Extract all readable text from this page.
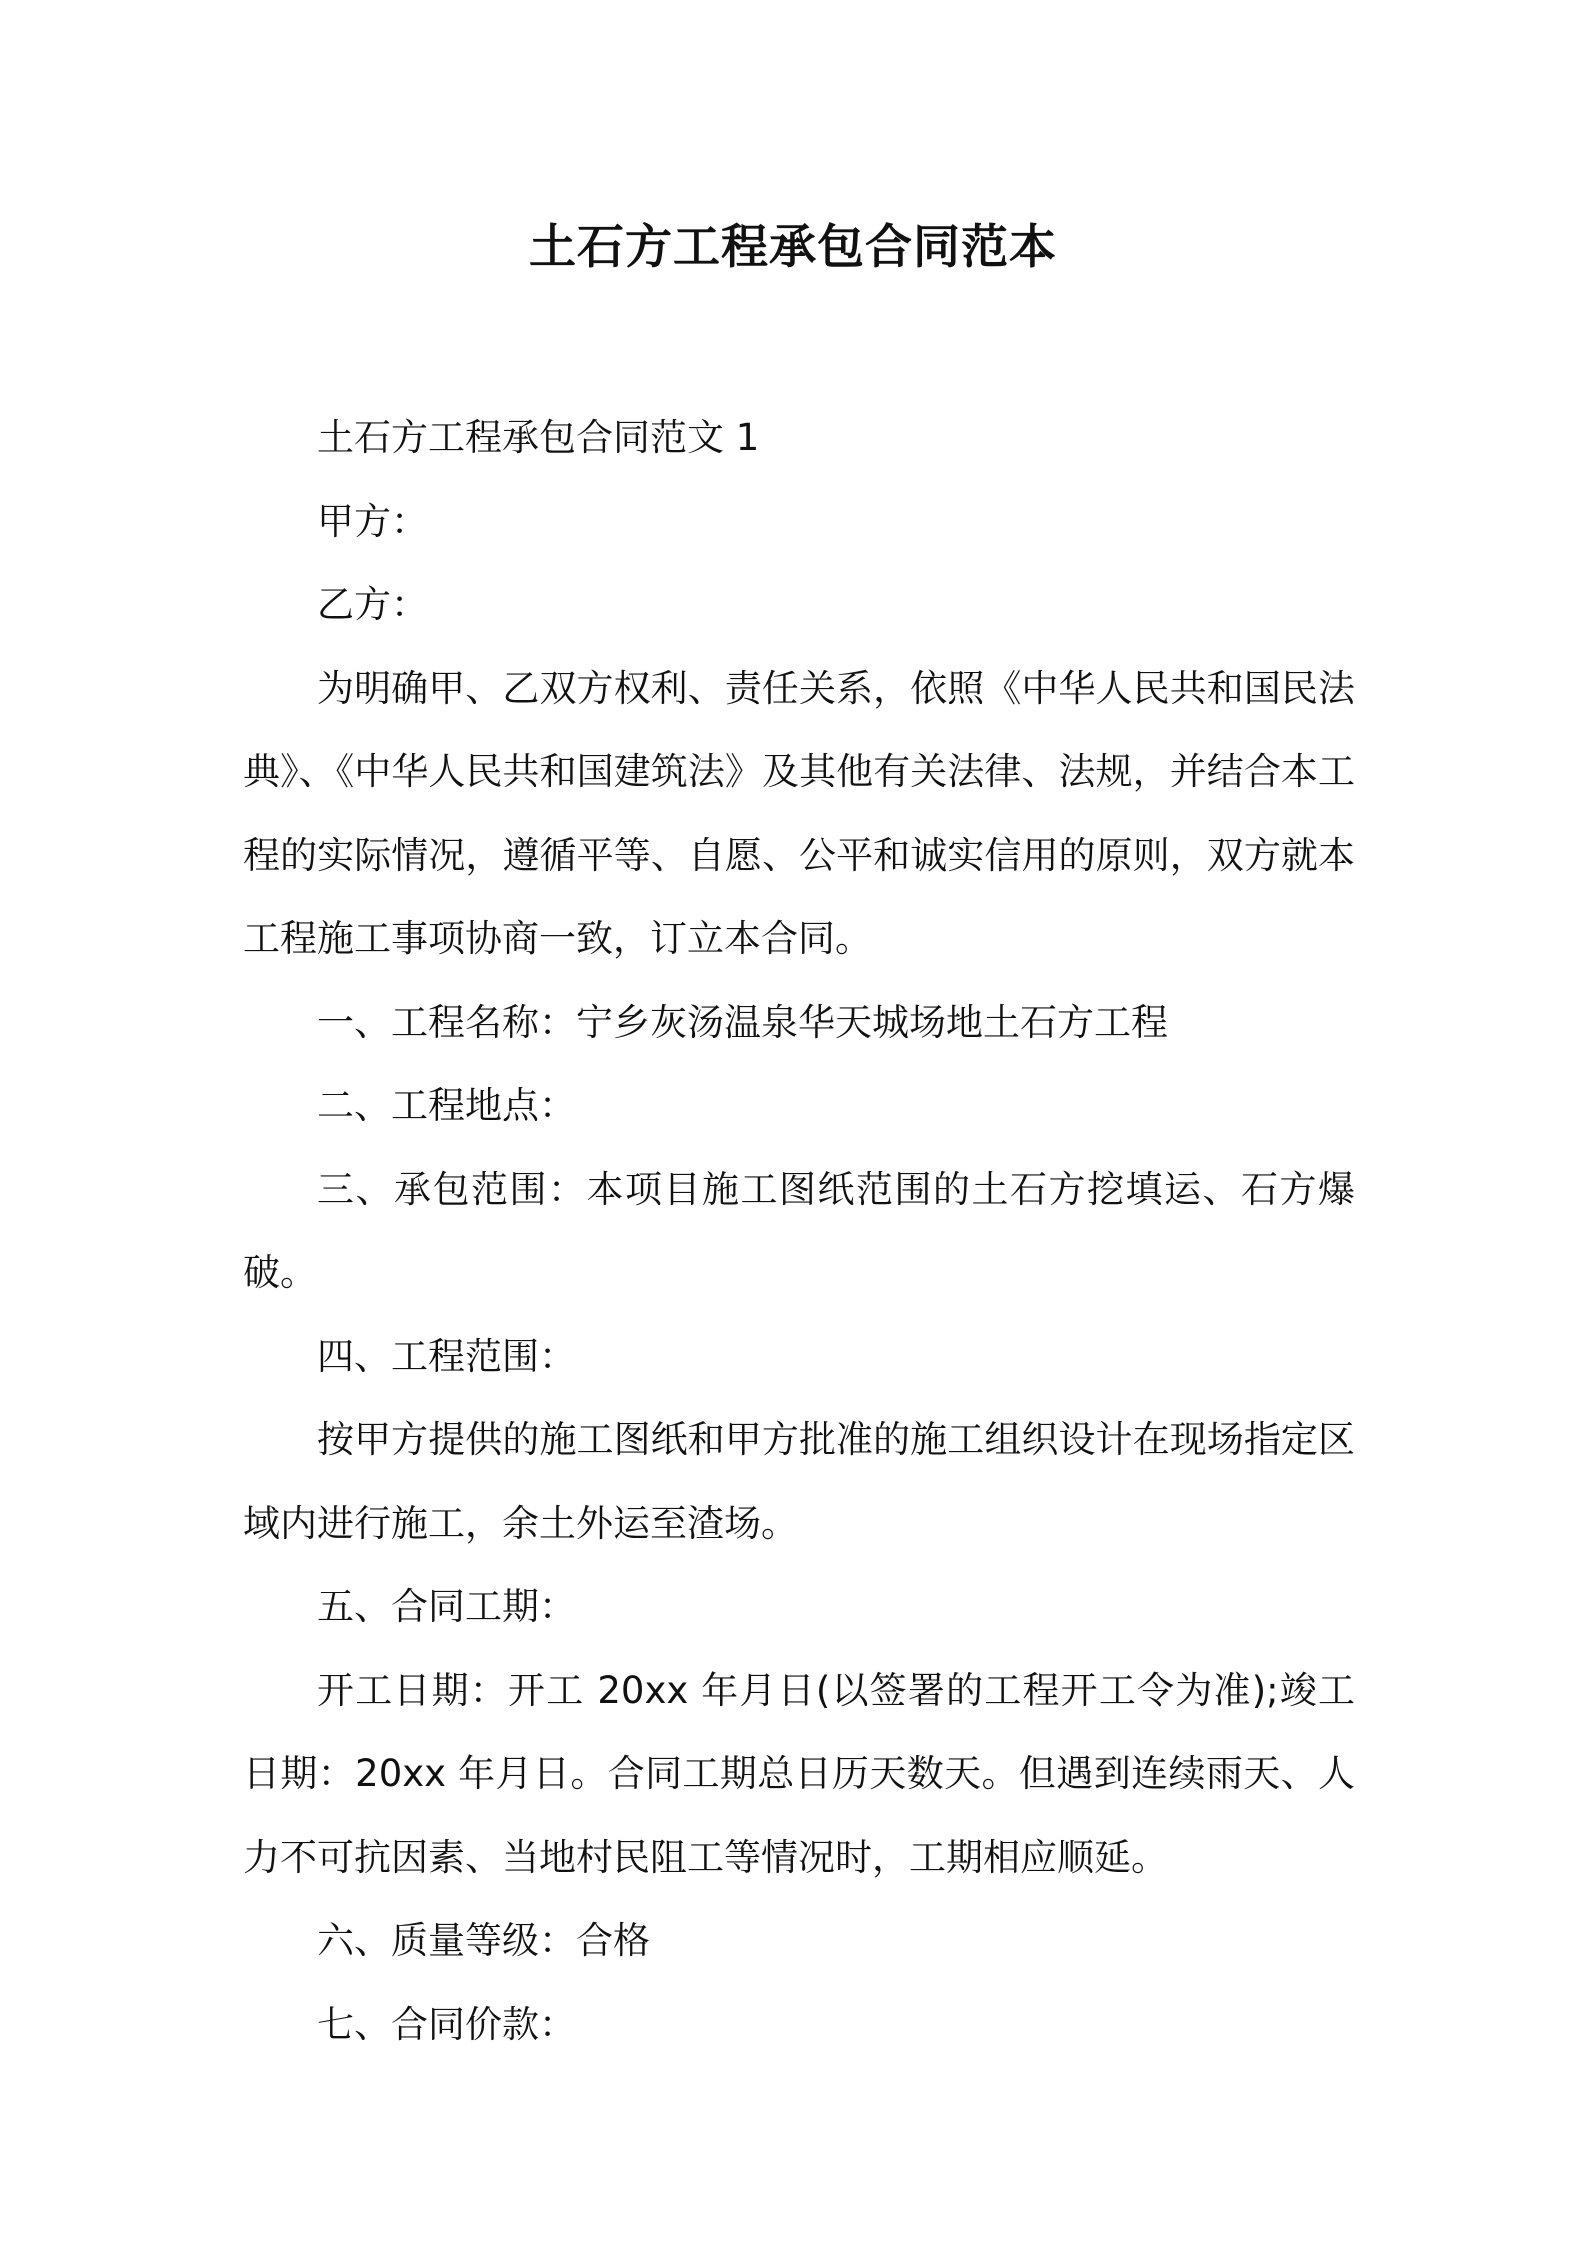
土石方工程承包合同范本

土石方工程承包合同范文 1

甲方：

乙方：

为明确甲、乙双方权利、责任关系，依照《中华人民共和国民法典》、《中华人民共和国建筑法》及其他有关法律、法规，并结合本工程的实际情况，遵循平等、自愿、公平和诚实信用的原则，双方就本工程施工事项协商一致，订立本合同。

一、工程名称：宁乡灰汤温泉华天城场地土石方工程

二、工程地点：

三、承包范围：本项目施工图纸范围的土石方挖填运、石方爆破。

四、工程范围：

按甲方提供的施工图纸和甲方批准的施工组织设计在现场指定区域内进行施工，余土外运至渣场。

五、合同工期：

开工日期：开工 20xx 年月日(以签署的工程开工令为准);竣工日期：20xx 年月日。合同工期总日历天数天。但遇到连续雨天、人力不可抗因素、当地村民阻工等情况时，工期相应顺延。

六、质量等级：合格

七、合同价款：
